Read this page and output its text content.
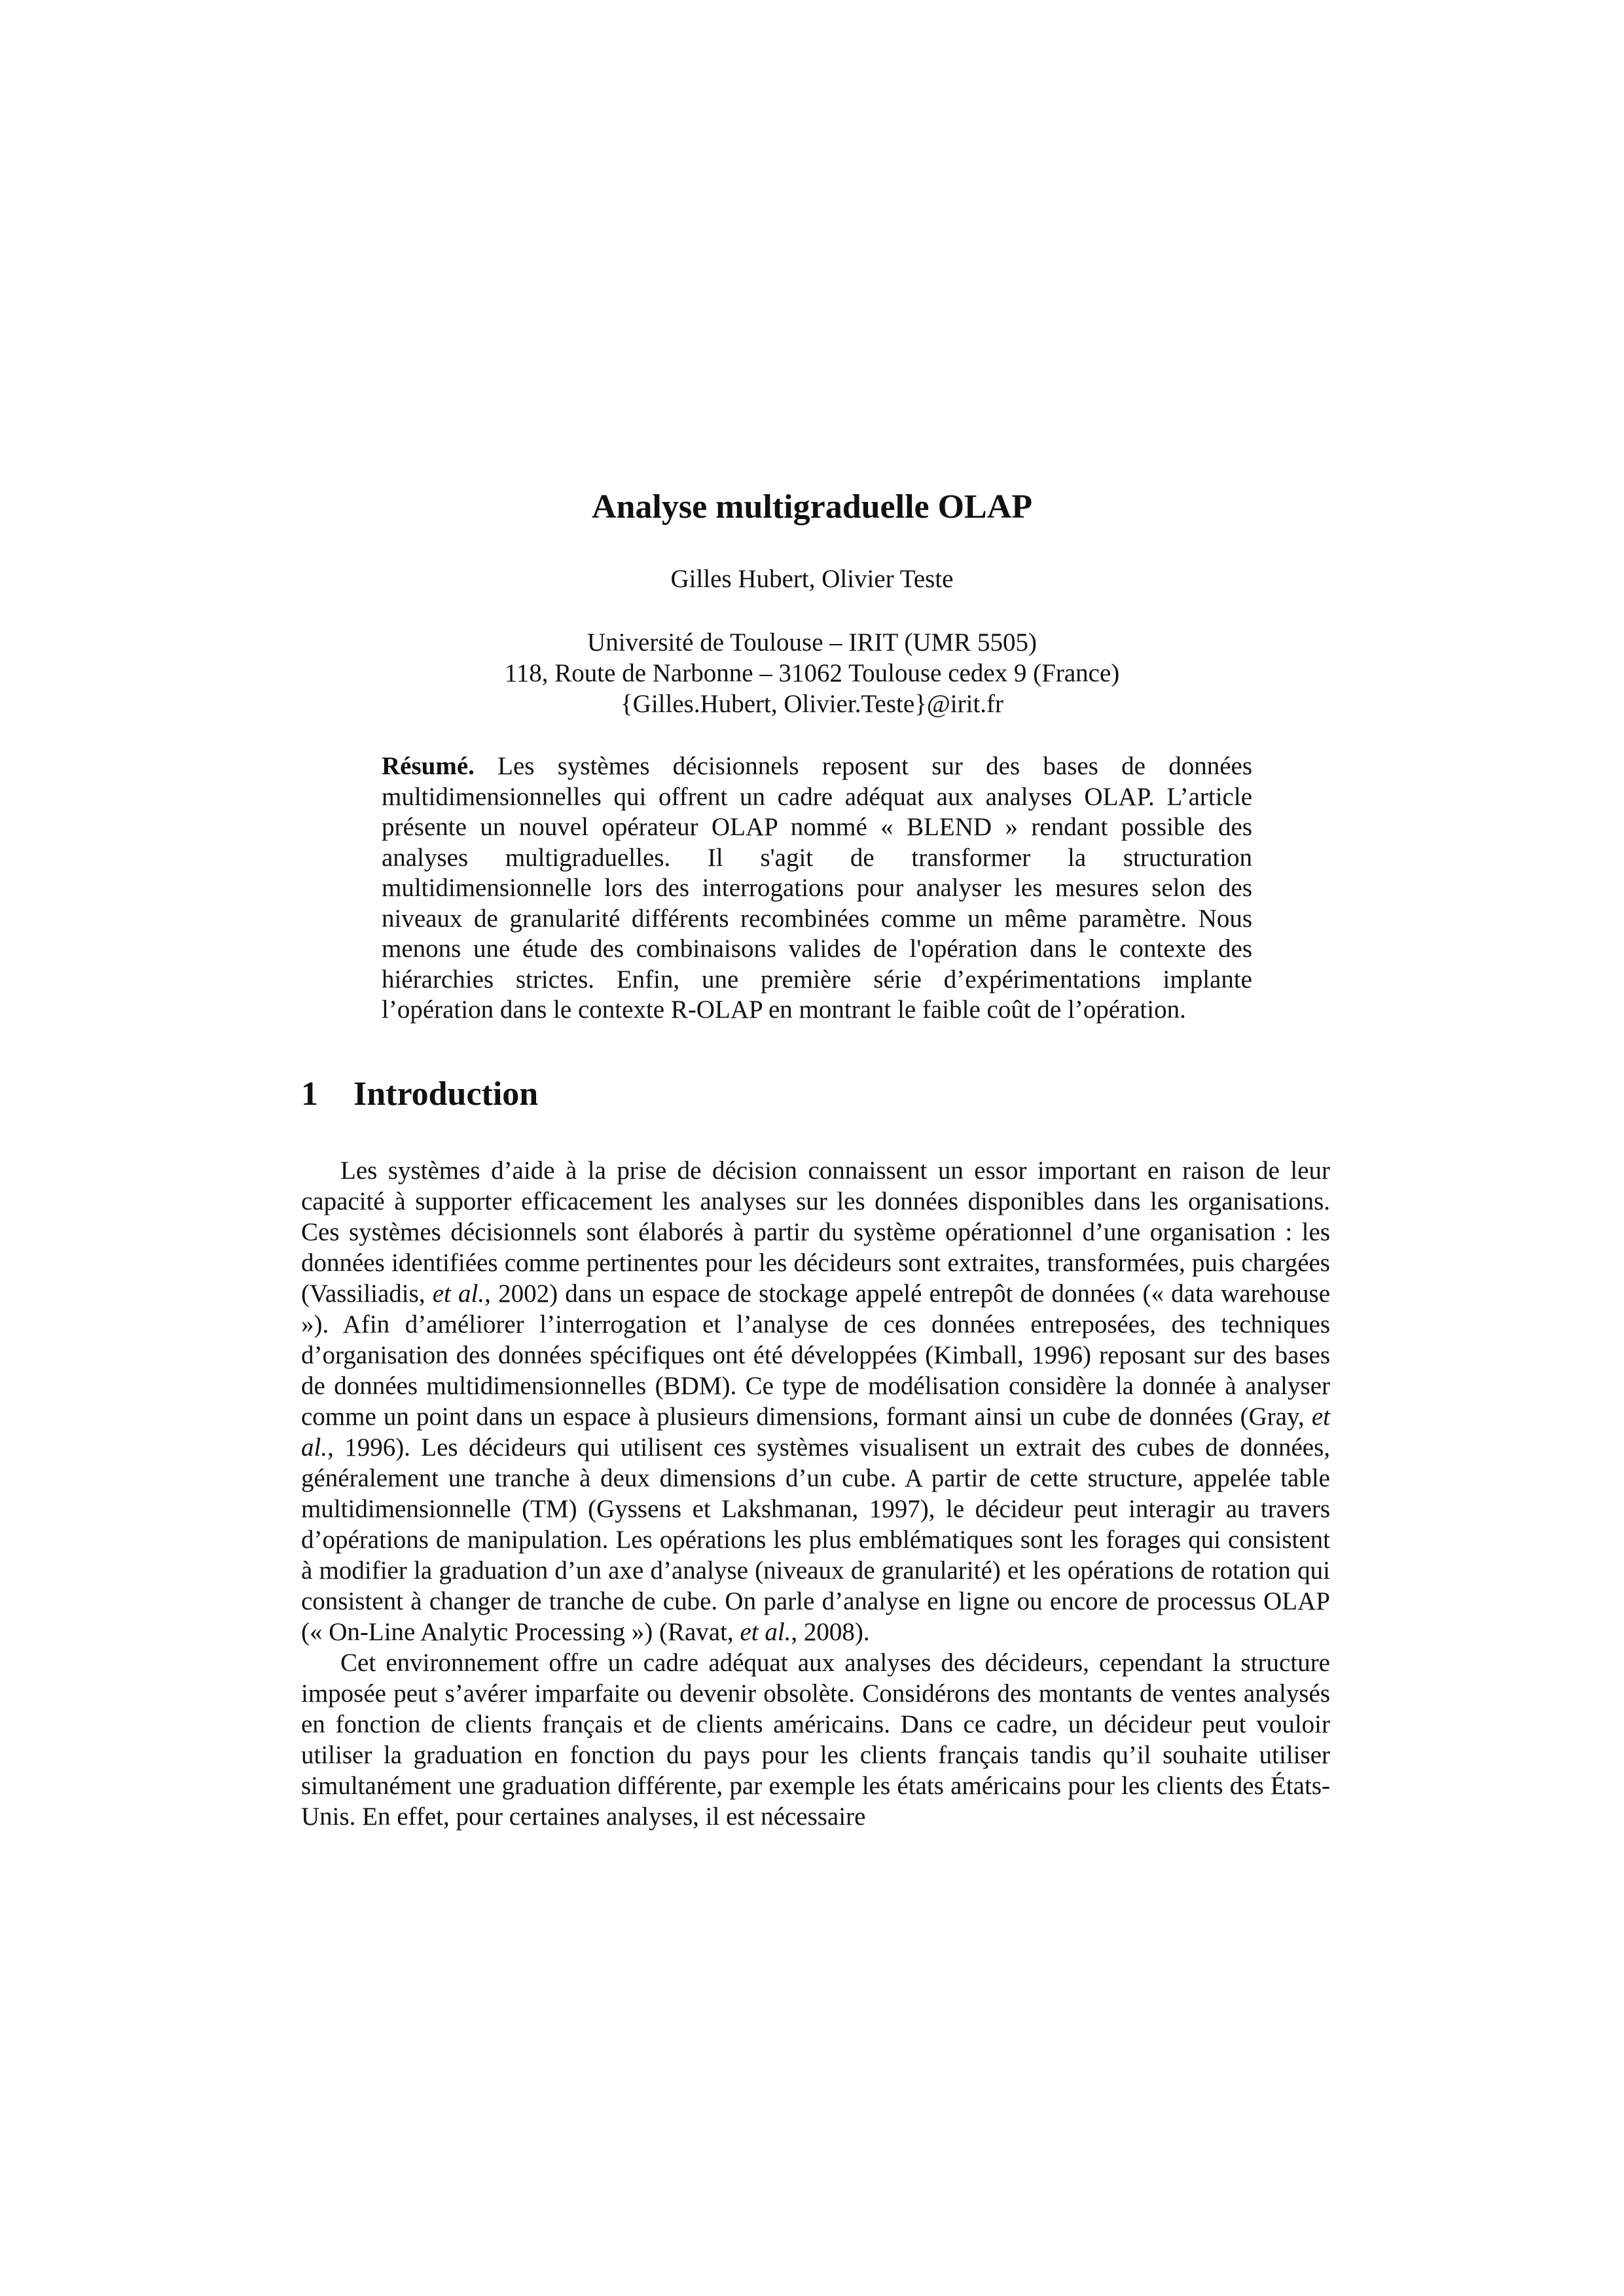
Analyse multigraduelle OLAP
Gilles Hubert, Olivier Teste
Université de Toulouse – IRIT (UMR 5505)
118, Route de Narbonne – 31062 Toulouse cedex 9 (France)
{Gilles.Hubert, Olivier.Teste}@irit.fr

Résumé. Les systèmes décisionnels reposent sur des bases de données multidimensionnelles qui offrent un cadre adéquat aux analyses OLAP. L’article présente un nouvel opérateur OLAP nommé « BLEND » rendant possible des analyses multigraduelles. Il s'agit de transformer la structuration multidimensionnelle lors des interrogations pour analyser les mesures selon des niveaux de granularité différents recombinées comme un même paramètre. Nous menons une étude des combinaisons valides de l'opération dans le contexte des hiérarchies strictes. Enfin, une première série d’expérimentations implante l’opération dans le contexte R-OLAP en montrant le faible coût de l’opération.

1 Introduction

Les systèmes d’aide à la prise de décision connaissent un essor important en raison de leur capacité à supporter efficacement les analyses sur les données disponibles dans les organisations. Ces systèmes décisionnels sont élaborés à partir du système opérationnel d’une organisation : les données identifiées comme pertinentes pour les décideurs sont extraites, transformées, puis chargées (Vassiliadis, et al., 2002) dans un espace de stockage appelé entrepôt de données (« data warehouse »). Afin d’améliorer l’interrogation et l’analyse de ces données entreposées, des techniques d’organisation des données spécifiques ont été développées (Kimball, 1996) reposant sur des bases de données multidimensionnelles (BDM). Ce type de modélisation considère la donnée à analyser comme un point dans un espace à plusieurs dimensions, formant ainsi un cube de données (Gray, et al., 1996). Les décideurs qui utilisent ces systèmes visualisent un extrait des cubes de données, généralement une tranche à deux dimensions d’un cube. A partir de cette structure, appelée table multidimensionnelle (TM) (Gyssens et Lakshmanan, 1997), le décideur peut interagir au travers d’opérations de manipulation. Les opérations les plus emblématiques sont les forages qui consistent à modifier la graduation d’un axe d’analyse (niveaux de granularité) et les opérations de rotation qui consistent à changer de tranche de cube. On parle d’analyse en ligne ou encore de processus OLAP (« On-Line Analytic Processing ») (Ravat, et al., 2008).

Cet environnement offre un cadre adéquat aux analyses des décideurs, cependant la structure imposée peut s’avérer imparfaite ou devenir obsolète. Considérons des montants de ventes analysés en fonction de clients français et de clients américains. Dans ce cadre, un décideur peut vouloir utiliser la graduation en fonction du pays pour les clients français tandis qu’il souhaite utiliser simultanément une graduation différente, par exemple les états américains pour les clients des États-Unis. En effet, pour certaines analyses, il est nécessaire
